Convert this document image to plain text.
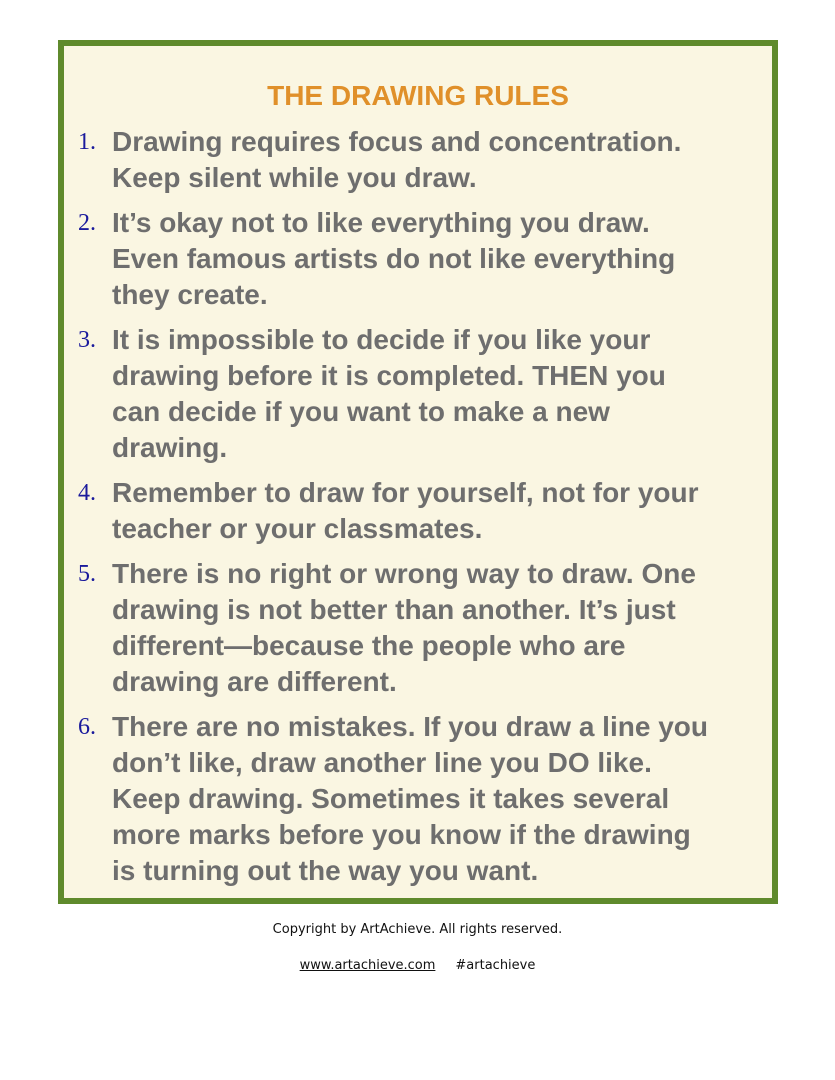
THE DRAWING RULES
1. Drawing requires focus and concentration.
Keep silent while you draw.
2. It’s okay not to like everything you draw.
Even famous artists do not like everything
they create.
3. It is impossible to decide if you like your
drawing before it is completed. THEN you
can decide if you want to make a new
drawing.
4. Remember to draw for yourself, not for your
teacher or your classmates.
5. There is no right or wrong way to draw. One
drawing is not better than another. It’s just
different—because the people who are
drawing are different.
6. There are no mistakes. If you draw a line you
don’t like, draw another line you DO like.
Keep drawing. Sometimes it takes several
more marks before you know if the drawing
is turning out the way you want.
Copyright by ArtAchieve. All rights reserved.
www.artachieve.com #artachieve
